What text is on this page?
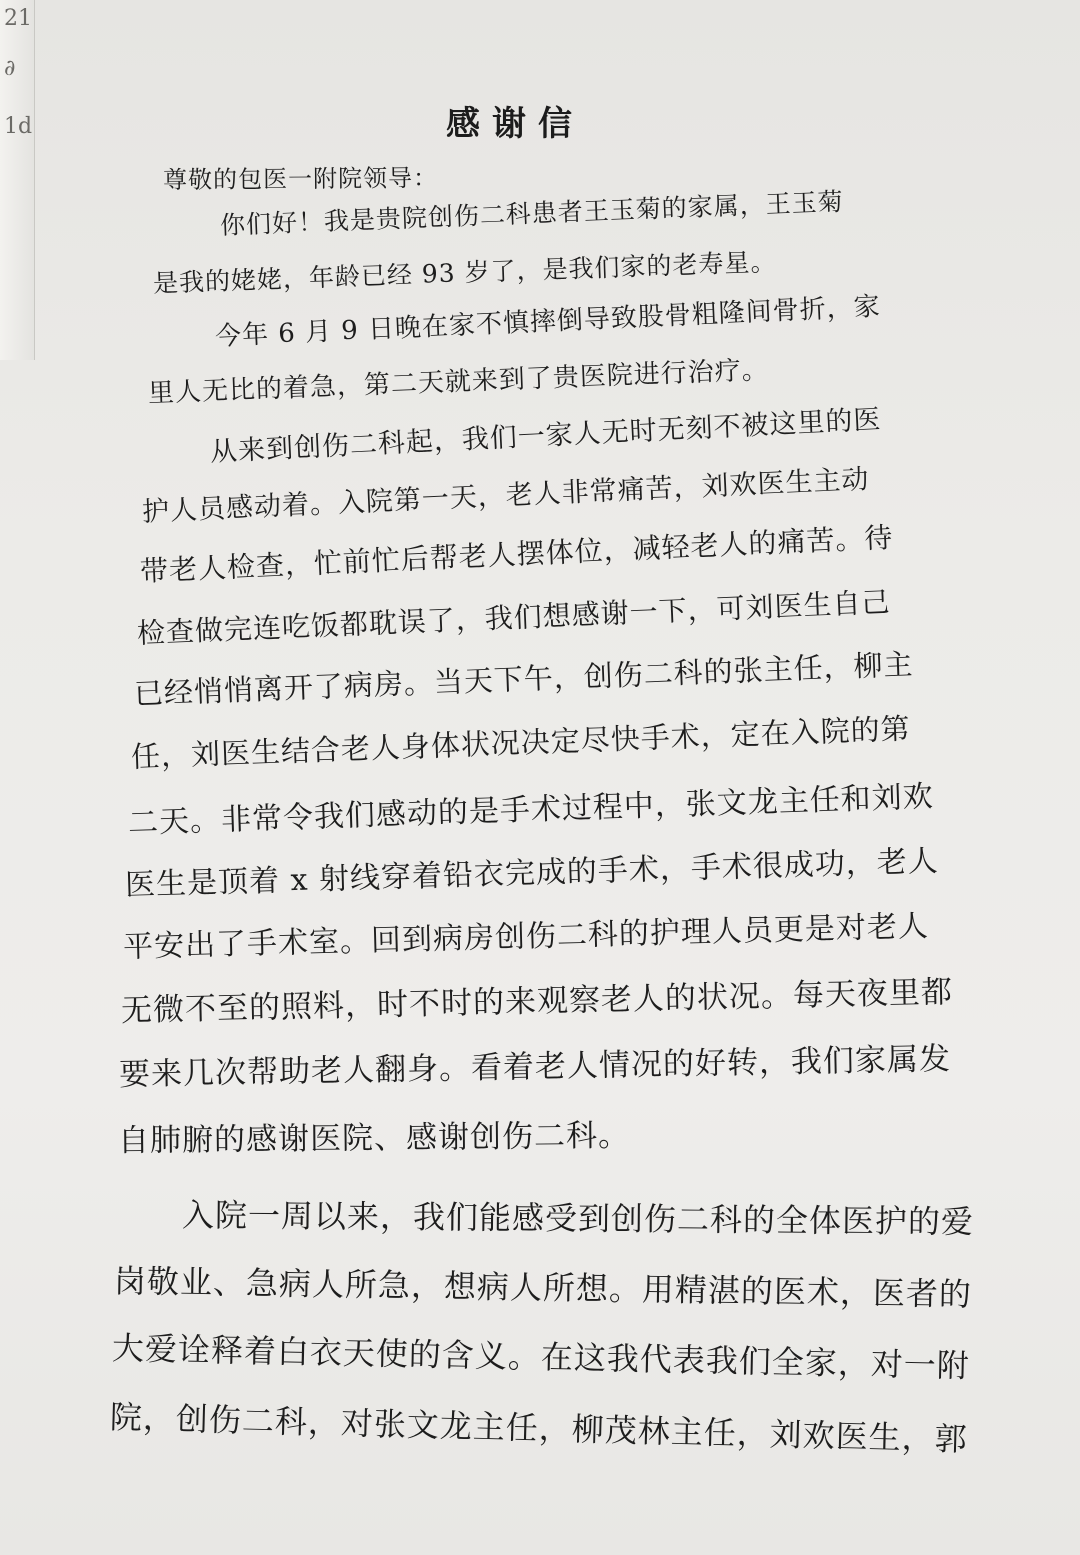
21
∂
1d	感谢信
尊敬的包医一附院领导：
你们好！我是贵院创伤二科患者王玉菊的家属，王玉菊
是我的姥姥，年龄已经 93 岁了，是我们家的老寿星。
今年 6 月 9 日晚在家不慎摔倒导致股骨粗隆间骨折，家
里人无比的着急，第二天就来到了贵医院进行治疗。
从来到创伤二科起，我们一家人无时无刻不被这里的医
护人员感动着。入院第一天，老人非常痛苦，刘欢医生主动
带老人检查，忙前忙后帮老人摆体位，减轻老人的痛苦。待
检查做完连吃饭都耽误了，我们想感谢一下，可刘医生自己
已经悄悄离开了病房。当天下午，创伤二科的张主任，柳主
任，刘医生结合老人身体状况决定尽快手术，定在入院的第
二天。非常令我们感动的是手术过程中，张文龙主任和刘欢
医生是顶着 x 射线穿着铅衣完成的手术，手术很成功，老人
平安出了手术室。回到病房创伤二科的护理人员更是对老人
无微不至的照料，时不时的来观察老人的状况。每天夜里都
要来几次帮助老人翻身。看着老人情况的好转，我们家属发
自肺腑的感谢医院、感谢创伤二科。
入院一周以来，我们能感受到创伤二科的全体医护的爱
岗敬业、急病人所急，想病人所想。用精湛的医术，医者的
大爱诠释着白衣天使的含义。在这我代表我们全家，对一附
院，创伤二科，对张文龙主任，柳茂林主任，刘欢医生，郭
